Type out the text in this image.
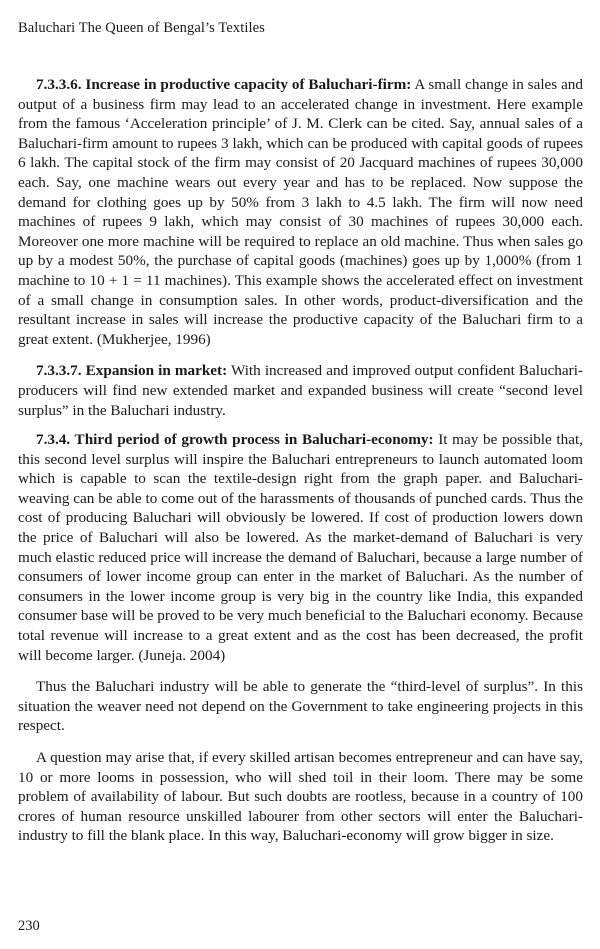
Baluchari The Queen of Bengal’s Textiles

7.3.3.6. Increase in productive capacity of Baluchari-firm: A small change in sales and output of a business firm may lead to an accelerated change in investment. Here example from the famous ‘Acceleration principle’ of J. M. Clerk can be cited. Say, annual sales of a Baluchari-firm amount to rupees 3 lakh, which can be produced with capital goods of rupees 6 lakh. The capital stock of the firm may consist of 20 Jacquard machines of rupees 30,000 each. Say, one machine wears out every year and has to be replaced. Now suppose the demand for clothing goes up by 50% from 3 lakh to 4.5 lakh. The firm will now need machines of rupees 9 lakh, which may consist of 30 machines of rupees 30,000 each. Moreover one more machine will be required to replace an old machine. Thus when sales go up by a modest 50%, the purchase of capital goods (machines) goes up by 1,000% (from 1 machine to 10 + 1 = 11 machines). This example shows the accelerated effect on investment of a small change in consumption sales. In other words, product-diversification and the resultant increase in sales will increase the productive capacity of the Baluchari firm to a great extent. (Mukherjee, 1996)

7.3.3.7. Expansion in market: With increased and improved output confident Baluchari-producers will find new extended market and expanded business will create “second level surplus” in the Baluchari industry.

7.3.4. Third period of growth process in Baluchari-economy: It may be possible that, this second level surplus will inspire the Baluchari entrepreneurs to launch automated loom which is capable to scan the textile-design right from the graph paper. and Baluchari-weaving can be able to come out of the harassments of thousands of punched cards. Thus the cost of producing Baluchari will obviously be lowered. If cost of production lowers down the price of Baluchari will also be lowered. As the market-demand of Baluchari is very much elastic reduced price will increase the demand of Baluchari, because a large number of consumers of lower income group can enter in the market of Baluchari. As the number of consumers in the lower income group is very big in the country like India, this expanded consumer base will be proved to be very much beneficial to the Baluchari economy. Because total revenue will increase to a great extent and as the cost has been decreased, the profit will become larger. (Juneja. 2004)

Thus the Baluchari industry will be able to generate the “third-level of surplus”. In this situation the weaver need not depend on the Government to take engineering projects in this respect.

A question may arise that, if every skilled artisan becomes entrepreneur and can have say, 10 or more looms in possession, who will shed toil in their loom. There may be some problem of availability of labour. But such doubts are rootless, because in a country of 100 crores of human resource unskilled labourer from other sectors will enter the Baluchari-industry to fill the blank place. In this way, Baluchari-economy will grow bigger in size.

230
